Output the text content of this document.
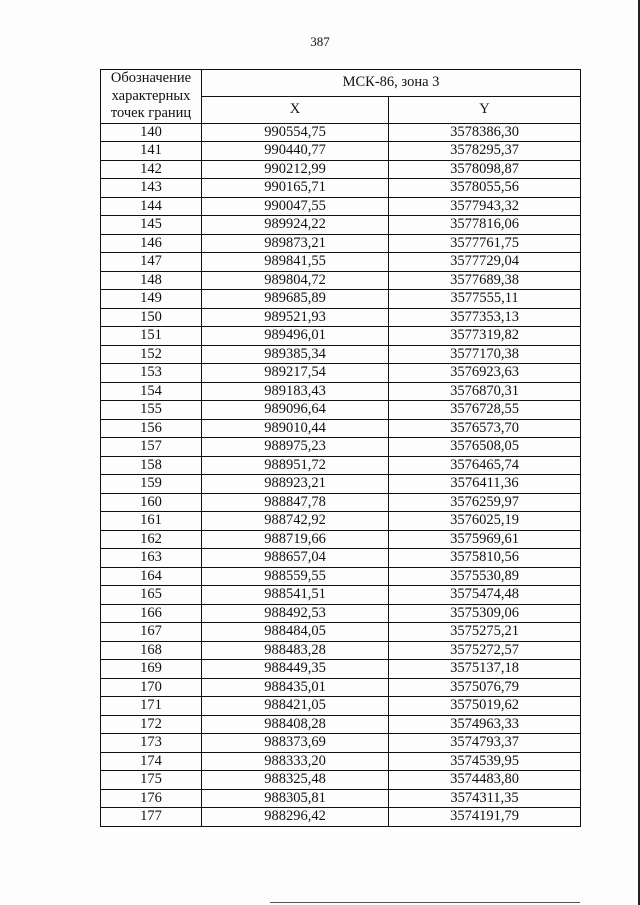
387
Обозначение характерных точек границ	МСК-86, зона 3	
	X	Y
140	990554,75	3578386,30
141	990440,77	3578295,37
142	990212,99	3578098,87
143	990165,71	3578055,56
144	990047,55	3577943,32
145	989924,22	3577816,06
146	989873,21	3577761,75
147	989841,55	3577729,04
148	989804,72	3577689,38
149	989685,89	3577555,11
150	989521,93	3577353,13
151	989496,01	3577319,82
152	989385,34	3577170,38
153	989217,54	3576923,63
154	989183,43	3576870,31
155	989096,64	3576728,55
156	989010,44	3576573,70
157	988975,23	3576508,05
158	988951,72	3576465,74
159	988923,21	3576411,36
160	988847,78	3576259,97
161	988742,92	3576025,19
162	988719,66	3575969,61
163	988657,04	3575810,56
164	988559,55	3575530,89
165	988541,51	3575474,48
166	988492,53	3575309,06
167	988484,05	3575275,21
168	988483,28	3575272,57
169	988449,35	3575137,18
170	988435,01	3575076,79
171	988421,05	3575019,62
172	988408,28	3574963,33
173	988373,69	3574793,37
174	988333,20	3574539,95
175	988325,48	3574483,80
176	988305,81	3574311,35
177	988296,42	3574191,79
